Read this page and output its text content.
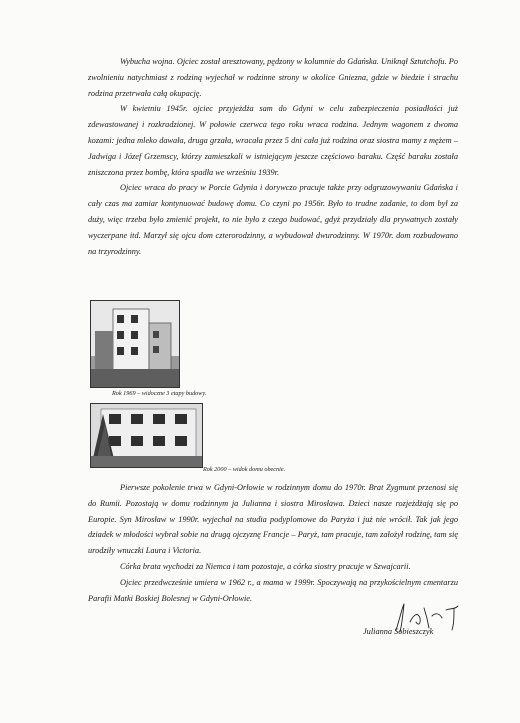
Wybucha wojna. Ojciec został aresztowany, pędzony w kolumnie do Gdańska. Uniknął Sztutchofu. Po zwolnieniu natychmiast z rodziną wyjechał w rodzinne strony w okolice Gniezna, gdzie w biedzie i strachu rodzina przetrwała całą okupację.

W kwietniu 1945r. ojciec przyjeżdża sam do Gdyni w celu zabezpieczenia posiadłości już zdewastowanej i rozkradzionej. W połowie czerwca tego roku wraca rodzina. Jednym wagonem z dwoma kozami: jedna mleko dawała, druga grzała, wracała przez 5 dni cała już rodzina oraz siostra mamy z mężem – Jadwiga i Józef Grzemscy, którzy zamieszkali w istniejącym jeszcze częściowo baraku. Część baraku została zniszczona przez bombę, która spadła we wrześniu 1939r.

Ojciec wraca do pracy w Porcie Gdynia i dorywczo pracuje także przy odgruzowywaniu Gdańska i cały czas ma zamiar kontynuować budowę domu. Co czyni po 1956r. Było to trudne zadanie, to dom był za duży, więc trzeba było zmienić projekt, to nie było z czego budować, gdyż przydziały dla prywatnych zostały wyczerpane itd. Marzył się ojcu dom czterorodzinny, a wybudował dwurodzinny. W 1970r. dom rozbudowano na trzyrodzinny.

Rok 1969 – widoczne 3 etapy budowy.
Rok 2000 – widok domu obecnie.

Pierwsze pokolenie trwa w Gdyni-Orłowie w rodzinnym domu do 1970r. Brat Zygmunt przenosi się do Rumii. Pozostają w domu rodzinnym ja Julianna i siostra Mirosława. Dzieci nasze rozjeżdżają się po Europie. Syn Mirosław w 1990r. wyjechał na studia podyplomowe do Paryża i już nie wrócił. Tak jak jego dziadek w młodości wybrał sobie na drugą ojczyznę Francje – Paryż, tam pracuje, tam założył rodzinę, tam się urodziły wnuczki Laura i Victoria.

Córka brata wychodzi za Niemca i tam pozostaje, a córka siostry pracuje w Szwajcarii.

Ojciec przedwcześnie umiera w 1962 r., a mama w 1999r. Spoczywają na przykościelnym cmentarzu Parafii Matki Boskiej Bolesnej w Gdyni-Orłowie.

Julianna Sobieszczyk
